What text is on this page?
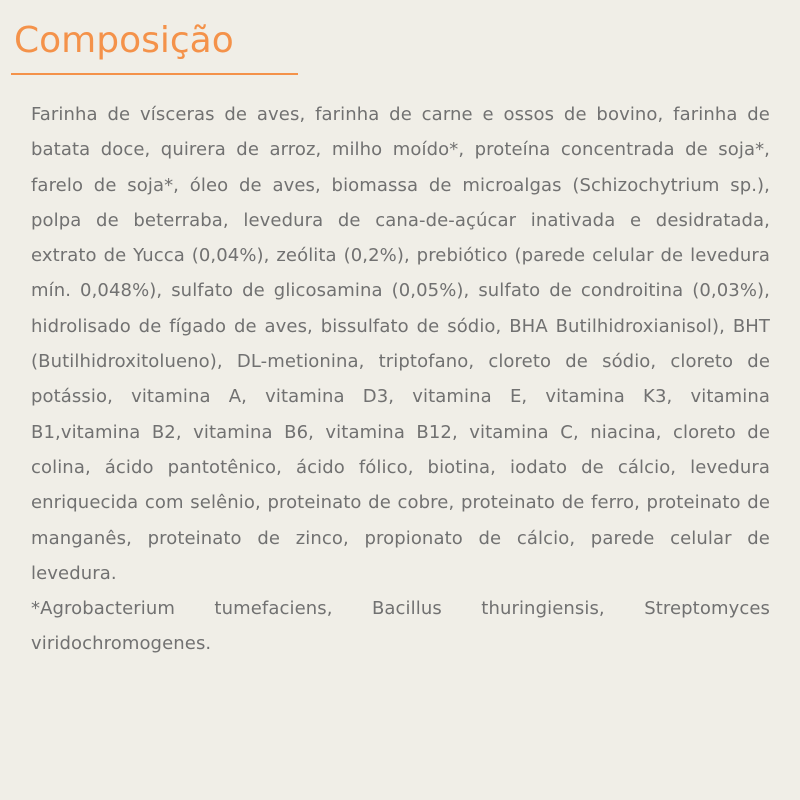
Composição

Farinha de vísceras de aves, farinha de carne e ossos de bovino, farinha de batata doce, quirera de arroz, milho moído*, proteína concentrada de soja*, farelo de soja*, óleo de aves, biomassa de microalgas (Schizochytrium sp.), polpa de beterraba, levedura de cana-de-açúcar inativada e desidratada, extrato de Yucca (0,04%), zeólita (0,2%), prebiótico (parede celular de levedura mín. 0,048%), sulfato de glicosamina (0,05%), sulfato de condroitina (0,03%), hidrolisado de fígado de aves, bissulfato de sódio, BHA Butilhidroxianisol), BHT (Butilhidroxitolueno), DL-metionina, triptofano, cloreto de sódio, cloreto de potássio, vitamina A, vitamina D3, vitamina E, vitamina K3, vitamina B1,vitamina B2, vitamina B6, vitamina B12, vitamina C, niacina, cloreto de colina, ácido pantotênico, ácido fólico, biotina, iodato de cálcio, levedura enriquecida com selênio, proteinato de cobre, proteinato de ferro, proteinato de manganês, proteinato de zinco, propionato de cálcio, parede celular de levedura.

*Agrobacterium tumefaciens, Bacillus thuringiensis, Streptomyces viridochromogenes.
